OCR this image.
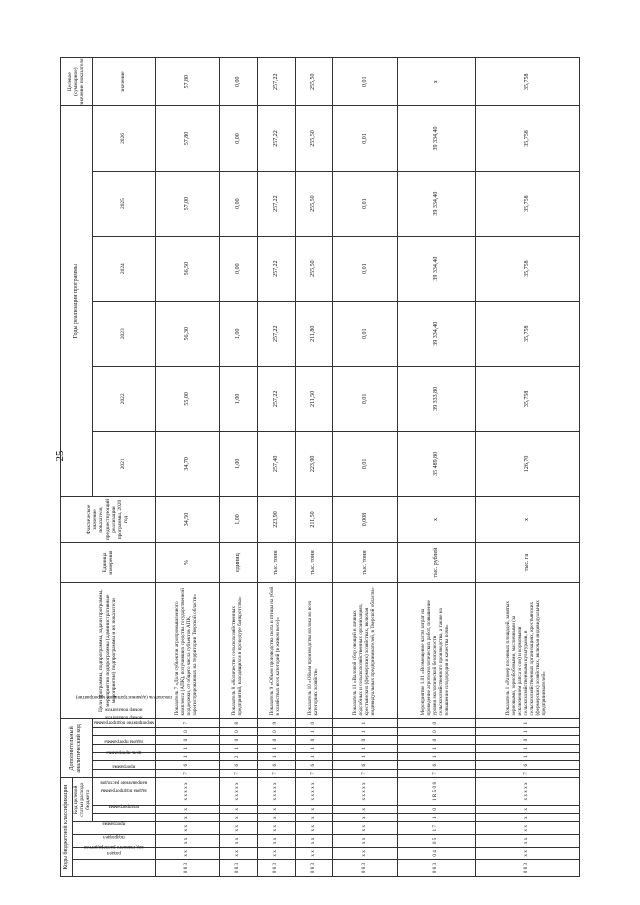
25
Коды бюджетной классификации							Дополнительный аналитический код							Цели программы, подпрограммы, задачи программы, мероприятия подпрограммы (административные мероприятия) подпрограммы и их показатели	Единица измерения	Фактическое значение показателя, предшествующий реализации программы, 2020 год	Годы реализации программы						Целевое (суммарное) значение показателя
код главного распорядителя	раздел	подраздел	программа	Код целевой статьи расхода бюджета																			
				подпрограмма	задача подпрограммы	направление расходов	программа	цель программы	задача программы	мероприятие подпрограммы	показатель (административное мероприятие)	номер показателя	номер показателя				2021	2022	2023	2024	2025	2026	значение
0 8 3	x x	x x	x x	x	x	x x x x x	7	6	1	1	0	0	7	Показатель 7 «Доля субъектов агропромышленного комплекса (АПК), получивших средства государственной поддержки, от общего числа субъектов АПК, зарегистрированных на территории Тверской области»	%	34,50	34,70	55,00	56,30	56,50	57,00	57,80	57,80
0 8 3	x x	x x	x x	x	x	x x x x x	7	6	2	1	0	0	8	Показатель 8 «Количество сельскохозяйственных предприятий, находящихся в процедуре банкротства»	единиц	1,00	1,00	1,00	1,00	0,00	0,00	0,00	0,00
0 8 3	x x	x x	x x	x	x	x x x x x	7	6	1	1	0	0	9	Показатель 9 «Объем производства скота и птицы на убой в хозяйствах всех категорий (в живом весе)»	тыс. тонн	223,90	257,40	257,22	257,22	257,22	257,22	257,22	257,22
0 8 3	x x	x x	x x	x	x	x x x x x	7	6	1	1	0	1	0	Показатель 10 «Объем производства молока во всех категориях хозяйств»	тыс. тонн	211,50	223,90	211,50	211,80	255,50	255,50	255,50	255,50
0 8 3	x x	x x	x x	x	x	x x x x x	7	6	1	1	0	1	1	Показатель 11 «Валовой сбор овощей в личных подсобных и сельскохозяйственных организациях, крестьянских (фермерских) хозяйствах, включая индивидуальных предпринимателей, в Тверской области»	тыс. тонн	0,008	0,01	0,01	0,01	0,01	0,01	0,01	0,01
0 8 3	0 4	0 5	1 7	1	0	1 R 5 0 8	7	6	1	1	0	0	0	Мероприятие 1.01 «Возмещение части затрат на проведение агротехнологических работ, повышение уровня экологической безопасности сельскохозяйственного производства, а также на повышение плодородия и качества почв»	тыс. рублей	x	35 489,80	39 333,80	39 334,40	39 334,40	39 334,40	39 334,40	x
0 8 3	x x	x x	x x	x	x	x x x x x	7	6	1	1	0	1	1	Показатель 1 «Размер посевных площадей, занятых зерновыми, зернобобовыми, масличными (за исключением рапса и сои) и кормовыми сельскохозяйственными культурами, в сельскохозяйственных организациях, крестьянских (фермерских) хозяйствах, включая индивидуальных предпринимателей»	тыс. га	x	126,70	35,758	35,758	35,758	35,758	35,758	35,758
